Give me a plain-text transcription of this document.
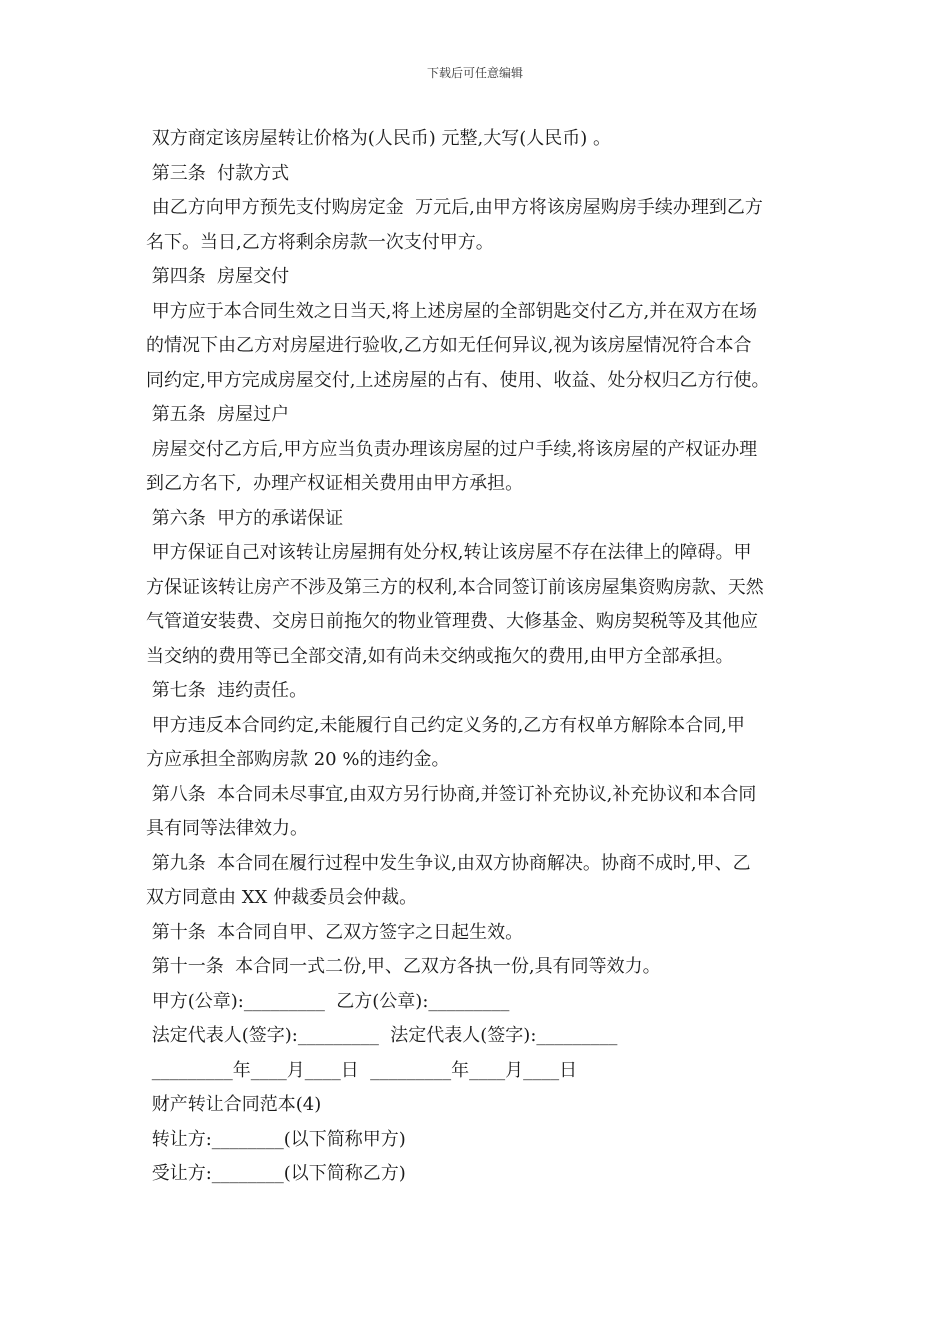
下载后可任意编辑
双方商定该房屋转让价格为(人民币) 元整,大写(人民币) 。
第三条  付款方式
由乙方向甲方预先支付购房定金  万元后,由甲方将该房屋购房手续办理到乙方
名下。当日,乙方将剩余房款一次支付甲方。
第四条  房屋交付
甲方应于本合同生效之日当天,将上述房屋的全部钥匙交付乙方,并在双方在场
的情况下由乙方对房屋进行验收,乙方如无任何异议,视为该房屋情况符合本合
同约定,甲方完成房屋交付,上述房屋的占有、使用、收益、处分权归乙方行使。
第五条  房屋过户
房屋交付乙方后,甲方应当负责办理该房屋的过户手续,将该房屋的产权证办理
到乙方名下,  办理产权证相关费用由甲方承担。
第六条  甲方的承诺保证
甲方保证自己对该转让房屋拥有处分权,转让该房屋不存在法律上的障碍。甲
方保证该转让房产不涉及第三方的权利,本合同签订前该房屋集资购房款、天然
气管道安装费、交房日前拖欠的物业管理费、大修基金、购房契税等及其他应
当交纳的费用等已全部交清,如有尚未交纳或拖欠的费用,由甲方全部承担。
第七条  违约责任。
甲方违反本合同约定,未能履行自己约定义务的,乙方有权单方解除本合同,甲
方应承担全部购房款 20 %的违约金。
第八条  本合同未尽事宜,由双方另行协商,并签订补充协议,补充协议和本合同
具有同等法律效力。
第九条  本合同在履行过程中发生争议,由双方协商解决。协商不成时,甲、乙
双方同意由 XX 仲裁委员会仲裁。
第十条  本合同自甲、乙双方签字之日起生效。
第十一条  本合同一式二份,甲、乙双方各执一份,具有同等效力。
甲方(公章):_________  乙方(公章):_________
法定代表人(签字):_________  法定代表人(签字):_________
_________年____月____日  _________年____月____日
财产转让合同范本(4)
转让方:________(以下简称甲方)
受让方:________(以下简称乙方)
